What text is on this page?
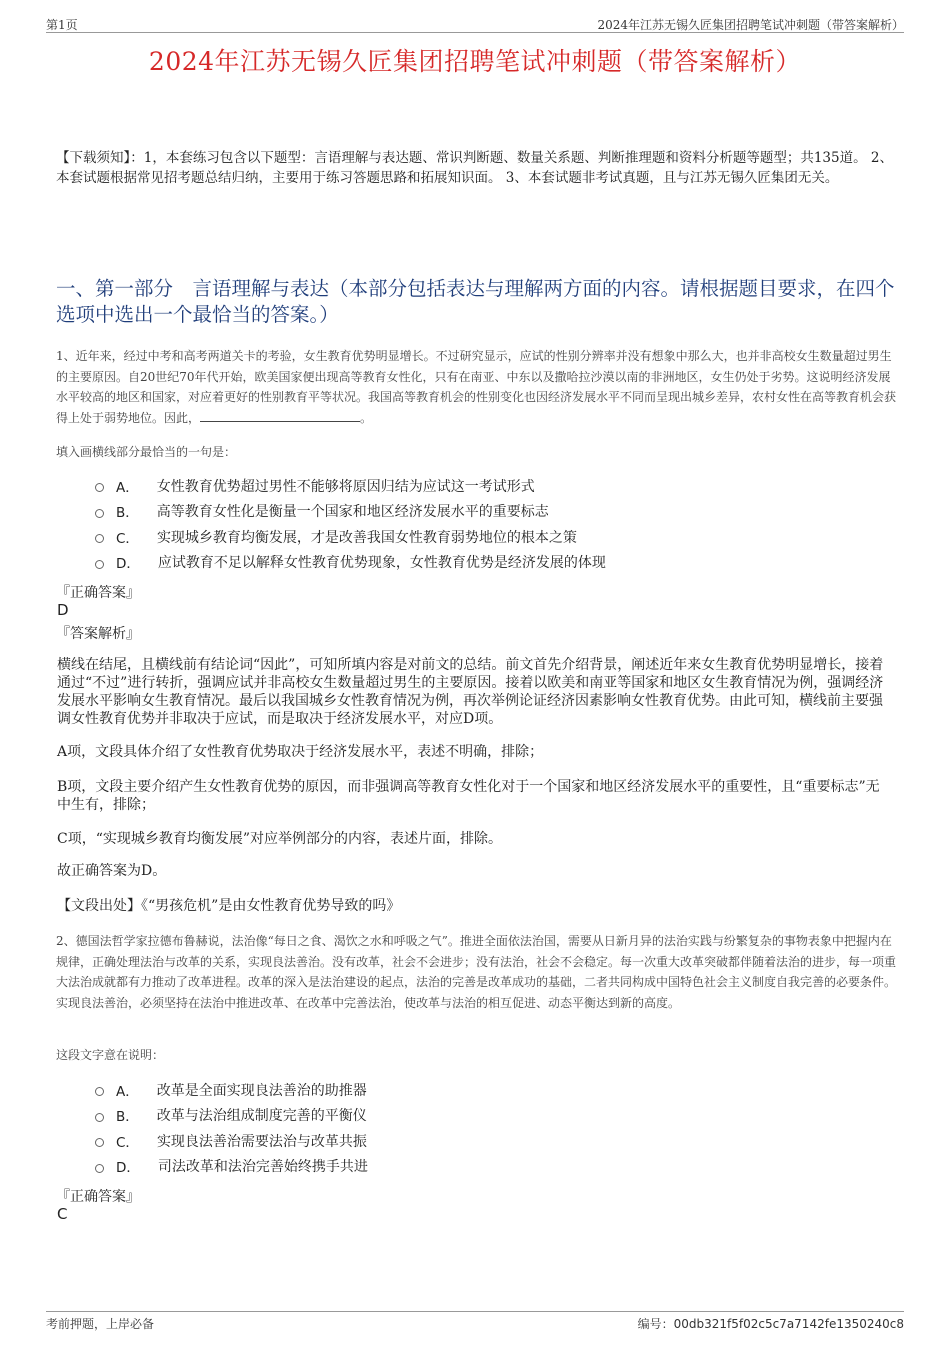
第1页	2024年江苏无锡久匠集团招聘笔试冲刺题（带答案解析）
2024年江苏无锡久匠集团招聘笔试冲刺题（带答案解析）
【下载须知】：1，本套练习包含以下题型：言语理解与表达题、常识判断题、数量关系题、判断推理题和资料分析题等题型；共135道。 2、本套试题根据常见招考题总结归纳，主要用于练习答题思路和拓展知识面。 3、本套试题非考试真题，且与江苏无锡久匠集团无关。
一、第一部分　言语理解与表达（本部分包括表达与理解两方面的内容。请根据题目要求，在四个选项中选出一个最恰当的答案。）
1、近年来，经过中考和高考两道关卡的考验，女生教育优势明显增长。不过研究显示，应试的性别分辨率并没有想象中那么大，也并非高校女生数量超过男生的主要原因。自20世纪70年代开始，欧美国家便出现高等教育女性化，只有在南亚、中东以及撒哈拉沙漠以南的非洲地区，女生仍处于劣势。这说明经济发展水平较高的地区和国家，对应着更好的性别教育平等状况。我国高等教育机会的性别变化也因经济发展水平不同而呈现出城乡差异，农村女性在高等教育机会获得上处于弱势地位。因此，	。
填入画横线部分最恰当的一句是：
A． 女性教育优势超过男性不能够将原因归结为应试这一考试形式
B． 高等教育女性化是衡量一个国家和地区经济发展水平的重要标志
C． 实现城乡教育均衡发展，才是改善我国女性教育弱势地位的根本之策
D． 应试教育不足以解释女性教育优势现象，女性教育优势是经济发展的体现
『正确答案』
D
『答案解析』
横线在结尾，且横线前有结论词“因此”，可知所填内容是对前文的总结。前文首先介绍背景，阐述近年来女生教育优势明显增长，接着通过“不过”进行转折，强调应试并非高校女生数量超过男生的主要原因。接着以欧美和南亚等国家和地区女生教育情况为例，强调经济发展水平影响女生教育情况。最后以我国城乡女性教育情况为例，再次举例论证经济因素影响女性教育优势。由此可知，横线前主要强调女性教育优势并非取决于应试，而是取决于经济发展水平，对应D项。
A项，文段具体介绍了女性教育优势取决于经济发展水平，表述不明确，排除；
B项，文段主要介绍产生女性教育优势的原因，而非强调高等教育女性化对于一个国家和地区经济发展水平的重要性，且“重要标志”无中生有，排除；
C项，“实现城乡教育均衡发展”对应举例部分的内容，表述片面，排除。
故正确答案为D。
【文段出处】《“男孩危机”是由女性教育优势导致的吗》
2、德国法哲学家拉德布鲁赫说，法治像“每日之食、渴饮之水和呼吸之气”。推进全面依法治国，需要从日新月异的法治实践与纷繁复杂的事物表象中把握内在规律，正确处理法治与改革的关系，实现良法善治。没有改革，社会不会进步；没有法治，社会不会稳定。每一次重大改革突破都伴随着法治的进步，每一项重大法治成就都有力推动了改革进程。改革的深入是法治建设的起点，法治的完善是改革成功的基础，二者共同构成中国特色社会主义制度自我完善的必要条件。实现良法善治，必须坚持在法治中推进改革、在改革中完善法治，使改革与法治的相互促进、动态平衡达到新的高度。
这段文字意在说明：
A． 改革是全面实现良法善治的助推器
B． 改革与法治组成制度完善的平衡仪
C． 实现良法善治需要法治与改革共振
D． 司法改革和法治完善始终携手共进
『正确答案』
C
考前押题，上岸必备	编号：00db321f5f02c5c7a7142fe1350240c8
